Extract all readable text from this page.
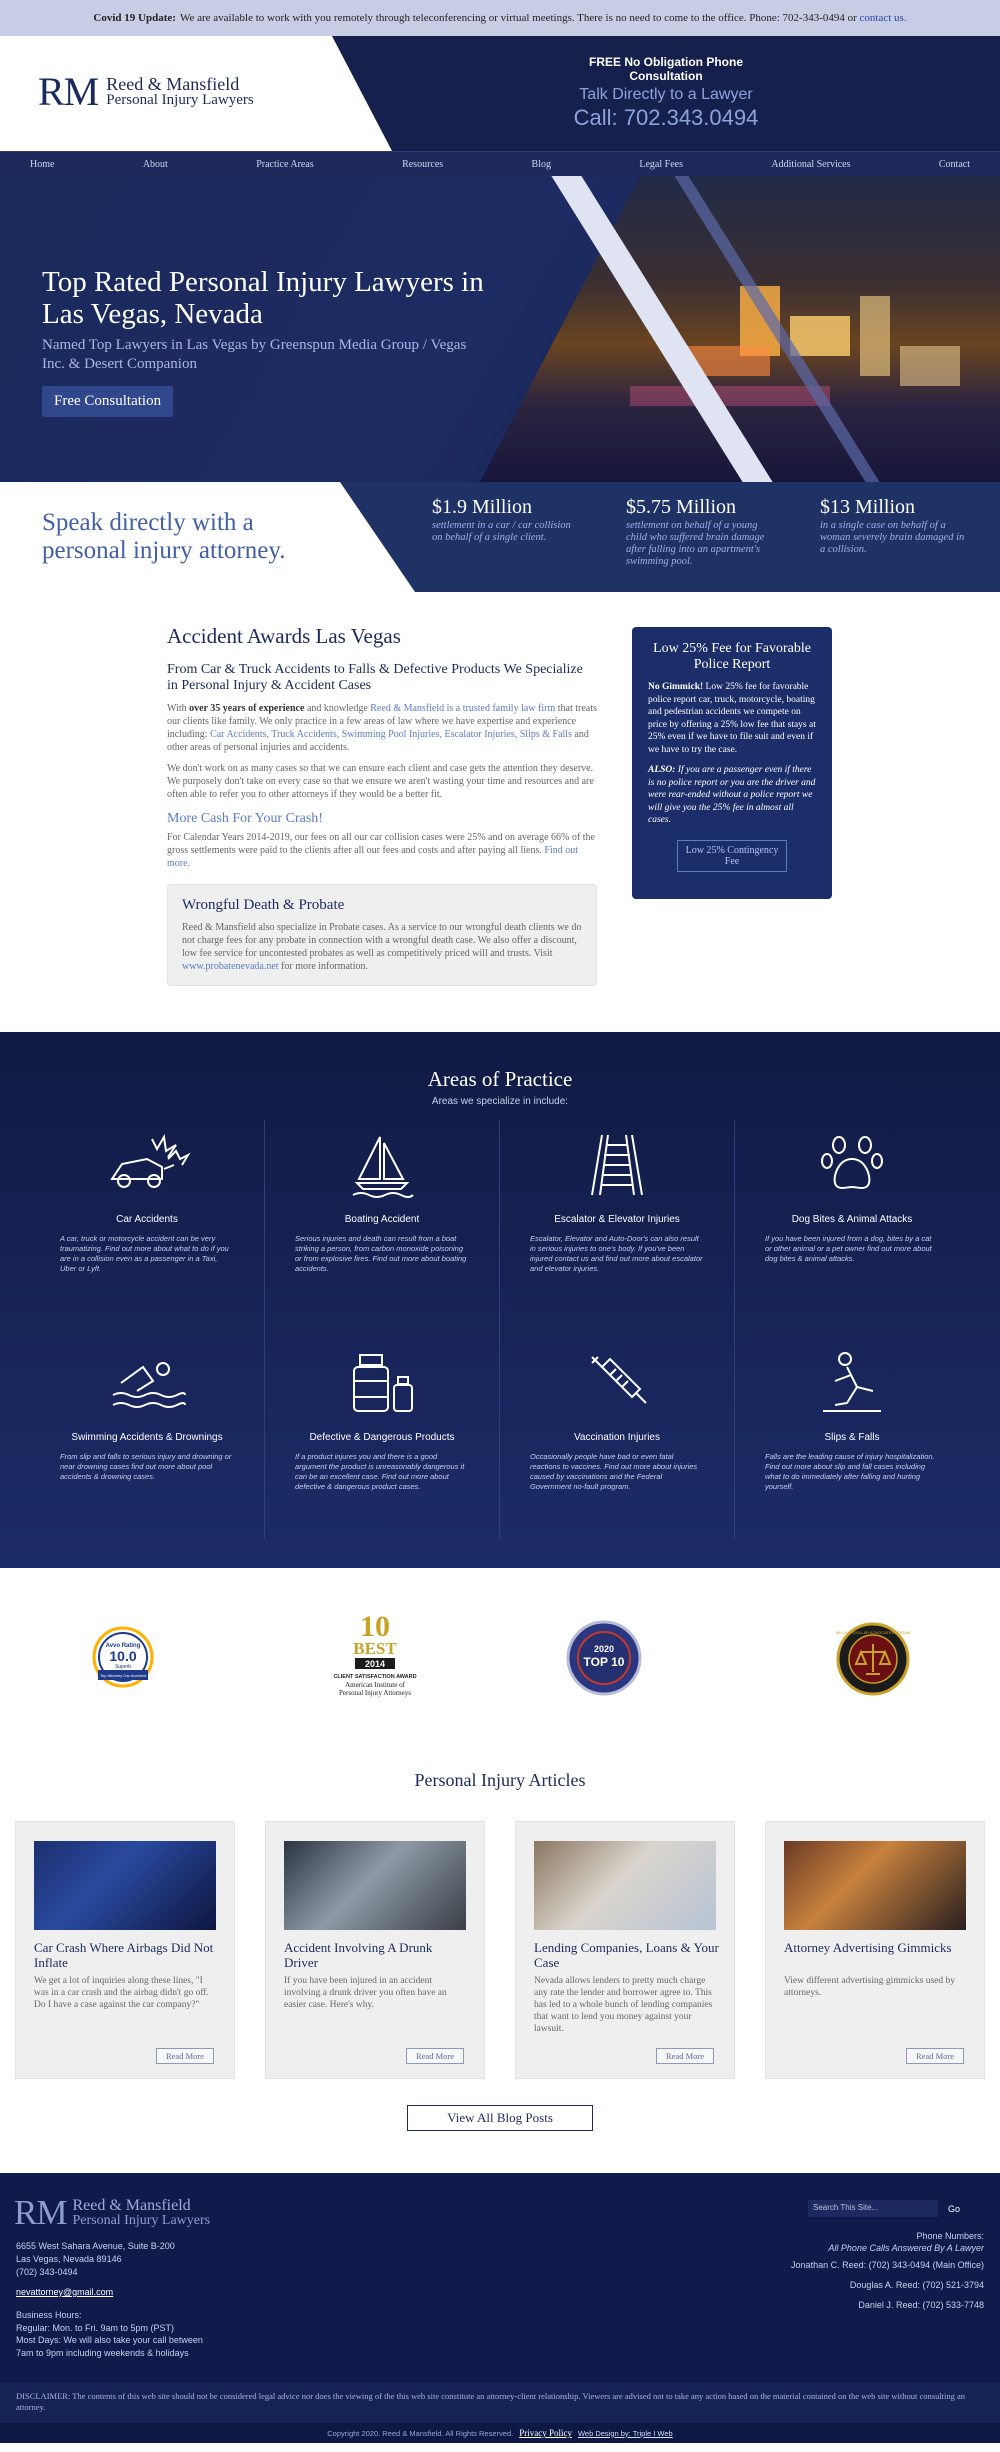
Covid 19 Update: We are available to work with you remotely through teleconferencing or virtual meetings. There is no need to come to the office. Phone: 702-343-0494 or
contact us.
RM Reed & Mansfield
Personal Injury Lawyers
FREE No Obligation Phone Consultation
Talk Directly to a Lawyer
Call: 702.343.0494
Home	About	Practice Areas	Resources	Blog	Legal Fees	Additional Services	Contact
Top Rated Personal Injury Lawyers in Las Vegas, Nevada
Named Top Lawyers in Las Vegas by Greenspun Media Group / Vegas Inc. & Desert Companion
Free Consultation
Speak directly with a personal injury attorney.
$1.9 Million
settlement in a car / car collision on behalf of a single client.
$5.75 Million
settlement on behalf of a young child who suffered brain damage after falling into an apartment's swimming pool.
$13 Million
in a single case on behalf of a woman severely brain damaged in a collision.
Accident Awards Las Vegas
From Car & Truck Accidents to Falls & Defective Products We Specialize in Personal Injury & Accident Cases

With over 35 years of experience and knowledge Reed & Mansfield is a trusted family law firm that treats our clients like family. We only practice in a few areas of law where we have expertise and experience including: Car Accidents, Truck Accidents, Swimming Pool Injuries, Escalator Injuries, Slips & Falls and other areas of personal injuries and accidents.

We don't work on as many cases so that we can ensure each client and case gets the attention they deserve. We purposely don't take on every case so that we ensure we aren't wasting your time and resources and are often able to refer you to other attorneys if they would be a better fit.

More Cash For Your Crash!

For Calendar Years 2014-2019, our fees on all our car collision cases were 25% and on average 66% of the gross settlements were paid to the clients after all our fees and costs and after paying all liens. Find out more.

Wrongful Death & Probate

Reed & Mansfield also specialize in Probate cases. As a service to our wrongful death clients we do not charge fees for any probate in connection with a wrongful death case. We also offer a discount, low fee service for uncontested probates as well as competitively priced will and trusts. Visit www.probatenevada.net for more information.

Low 25% Fee for Favorable Police Report

No Gimmick! Low 25% fee for favorable police report car, truck, motorcycle, boating and pedestrian accidents we compete on price by offering a 25% low fee that stays at 25% even if we have to file suit and even if we have to try the case.

ALSO: If you are a passenger even if there is no police report or you are the driver and were rear-ended without a police report we will give you the 25% fee in almost all cases.

Low 25% Contingency Fee
Areas of Practice
Areas we specialize in include:
Car Accidents
A car, truck or motorcycle accident can be very traumatizing. Find out more about what to do if you are in a collision even as a passenger in a Taxi, Uber or Lyft.
Boating Accident
Serious injuries and death can result from a boat striking a person, from carbon monoxide poisoning or from explosive fires. Find out more about boating accidents.
Escalator & Elevator Injuries
Escalator, Elevator and Auto-Door's can also result in serious injuries to one's body. If you've been injured contact us and find out more about escalator and elevator injuries.
Dog Bites & Animal Attacks
If you have been injured from a dog, bites by a cat or other animal or a pet owner find out more about dog bites & animal attacks.
Swimming Accidents & Drownings
From slip and falls to serious injury and drowning or near drowning cases find out more about pool accidents & drowning cases.
Defective & Dangerous Products
If a product injures you and there is a good argument the product is unreasonably dangerous it can be an excellent case. Find out more about defective & dangerous product cases.
Vaccination Injuries
Occasionally people have bad or even fatal reactions to vaccines. Find out more about injuries caused by vaccinations and the Federal Government no-fault program.
Slips & Falls
Falls are the leading cause of injury hospitalization. Find out more about slip and fall cases including what to do immediately after falling and hurting yourself.
Avvo Rating
10.0
Superb
Top Attorney Car Accident
10
BEST
2014
CLIENT SATISFACTION AWARD
American Institute of
Personal Injury Attorneys
2020
TOP 10
MILLION DOLLAR ADVOCATES FORUM
Personal Injury Articles
Car Crash Where Airbags Did Not Inflate
We get a lot of inquiries along these lines, "I was in a car crash and the airbag didn't go off. Do I have a case against the car company?"
Read More
Accident Involving A Drunk Driver
If you have been injured in an accident involving a drunk driver you often have an easier case. Here's why.
Read More
Lending Companies, Loans & Your Case
Nevada allows lenders to pretty much charge any rate the lender and borrower agree to. This has led to a whole bunch of lending companies that want to lend you money against your lawsuit.
Read More
Attorney Advertising Gimmicks
View different advertising gimmicks used by attorneys.
Read More
View All Blog Posts
RM Reed & Mansfield
Personal Injury Lawyers
6655 West Sahara Avenue, Suite B-200
Las Vegas, Nevada 89146
(702) 343-0494
nevattorney@gmail.com
Business Hours:
Regular: Mon. to Fri. 9am to 5pm (PST)
Most Days: We will also take your call between
7am to 9pm including weekends & holidays
Search This Site...	Go
Phone Numbers:
All Phone Calls Answered By A Lawyer
Jonathan C. Reed: (702) 343-0494 (Main Office)
Douglas A. Reed: (702) 521-3794
Daniel J. Reed: (702) 533-7748
DISCLAIMER: The contents of this web site should not be considered legal advice nor does the viewing of the this web site constitute an attorney-client relationship. Viewers are advised not to take any action based on the material contained on the web site without consulting an attorney.
Copyright 2020. Reed & Mansfield. All Rights Reserved. Privacy Policy Web Design by: Triple I Web
